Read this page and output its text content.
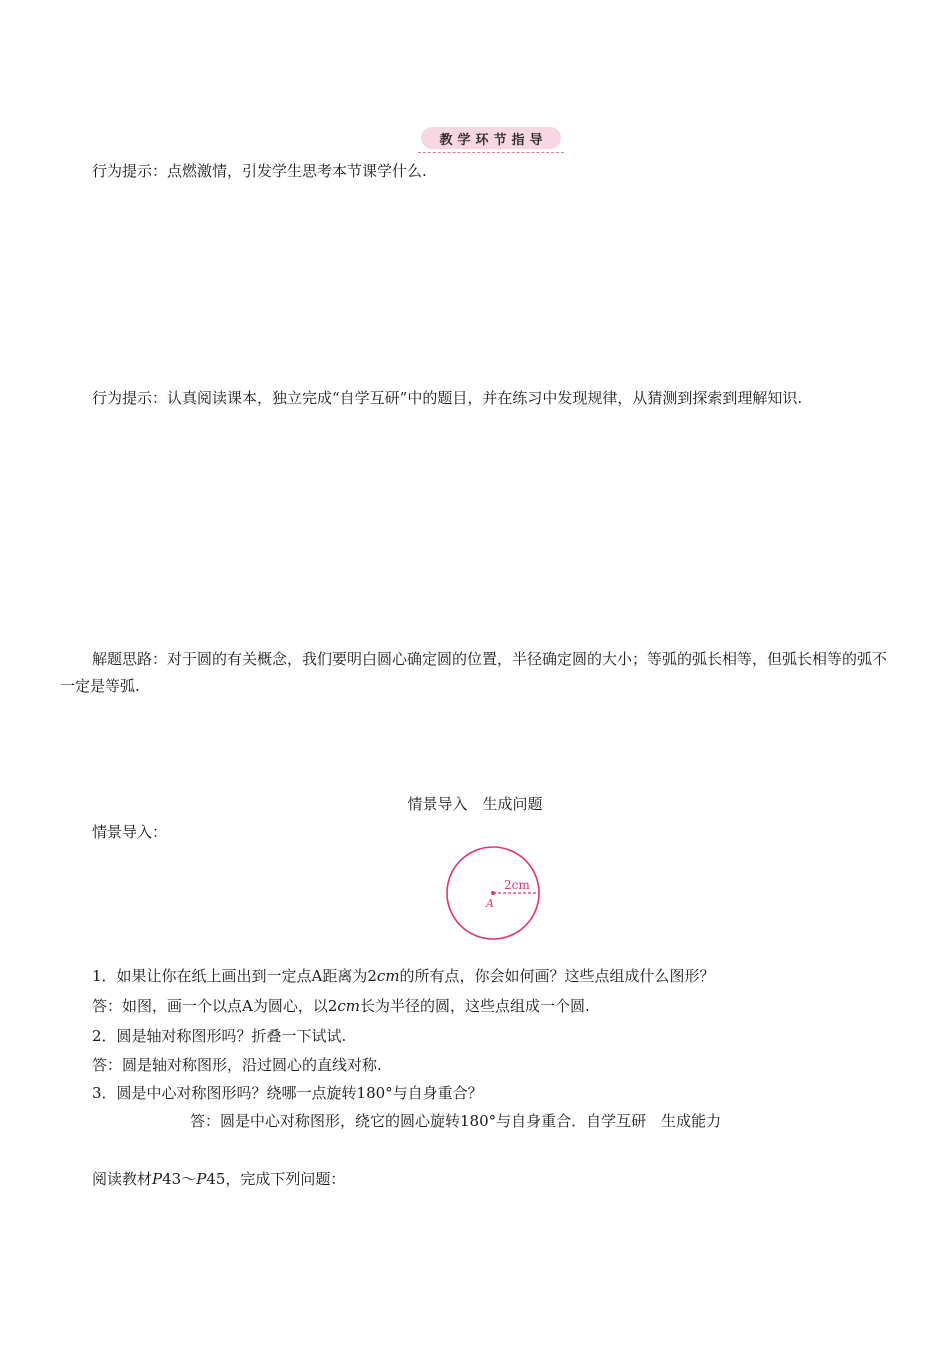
教学环节指导

行为提示：点燃激情，引发学生思考本节课学什么.

行为提示：认真阅读课本，独立完成“自学互研”中的题目，并在练习中发现规律，从猜测到探索到理解知识.

解题思路：对于圆的有关概念，我们要明白圆心确定圆的位置，半径确定圆的大小；等弧的弧长相等，但弧长相等的弧不一定是等弧.

情景导入　生成问题
情景导入：
A
2cm
1．如果让你在纸上画出到一定点A距离为2cm的所有点，你会如何画？这些点组成什么图形？
答：如图，画一个以点A为圆心，以2cm长为半径的圆，这些点组成一个圆.
2．圆是轴对称图形吗？折叠一下试试.
答：圆是轴对称图形，沿过圆心的直线对称.
3．圆是中心对称图形吗？绕哪一点旋转180°与自身重合？
答：圆是中心对称图形，绕它的圆心旋转180°与自身重合．自学互研　生成能力
阅读教材P43～P45，完成下列问题：
